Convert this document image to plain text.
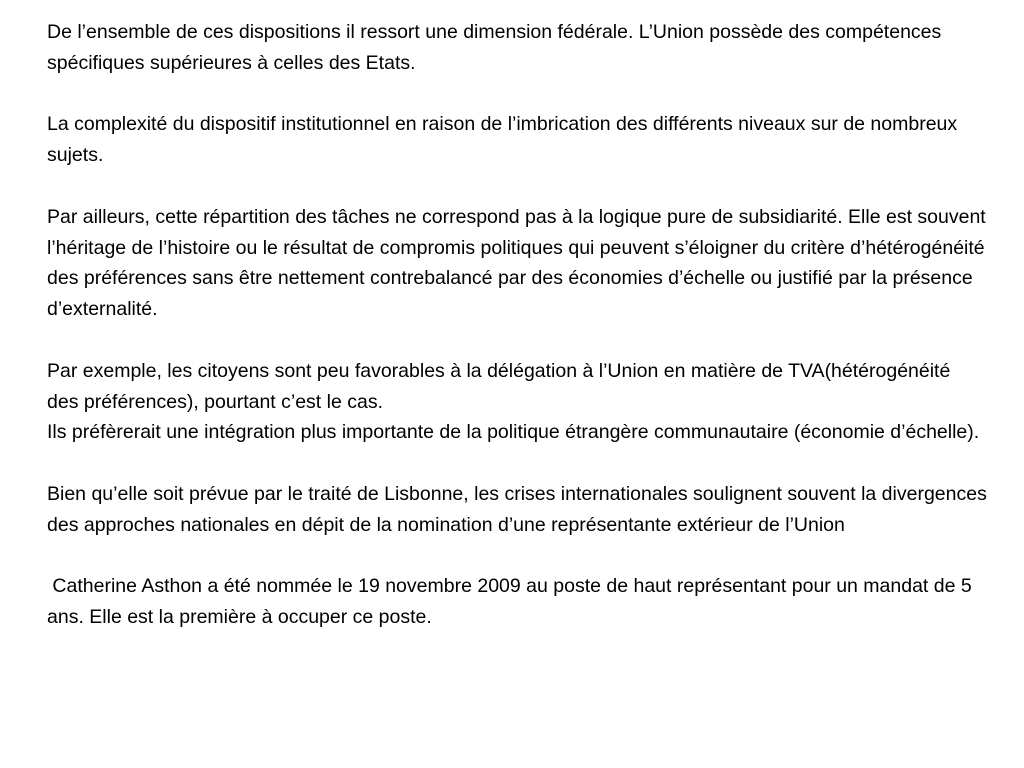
De l’ensemble de ces dispositions il ressort une dimension fédérale. L’Union possède des compétences spécifiques supérieures à celles des Etats.

La complexité du dispositif institutionnel en raison de l’imbrication des différents niveaux sur de nombreux sujets.

Par ailleurs, cette répartition des tâches ne correspond pas à la logique pure de subsidiarité. Elle est souvent l’héritage de l’histoire ou le résultat de compromis politiques qui peuvent s’éloigner du critère d’hétérogénéité des préférences sans être nettement contrebalancé par des économies d’échelle ou justifié par la présence d’externalité.

Par exemple, les citoyens sont peu favorables à la délégation à l’Union en matière de TVA(hétérogénéité des préférences), pourtant c’est le cas.

Ils préfèrerait une intégration plus importante de la politique étrangère communautaire (économie d’échelle).

Bien qu’elle soit prévue par le traité de Lisbonne, les crises internationales soulignent souvent la divergences des approches nationales en dépit de la nomination d’une représentante extérieur de l’Union

Catherine Asthon a été nommée le 19 novembre 2009 au poste de haut représentant pour un mandat de 5 ans. Elle est la première à occuper ce poste.
